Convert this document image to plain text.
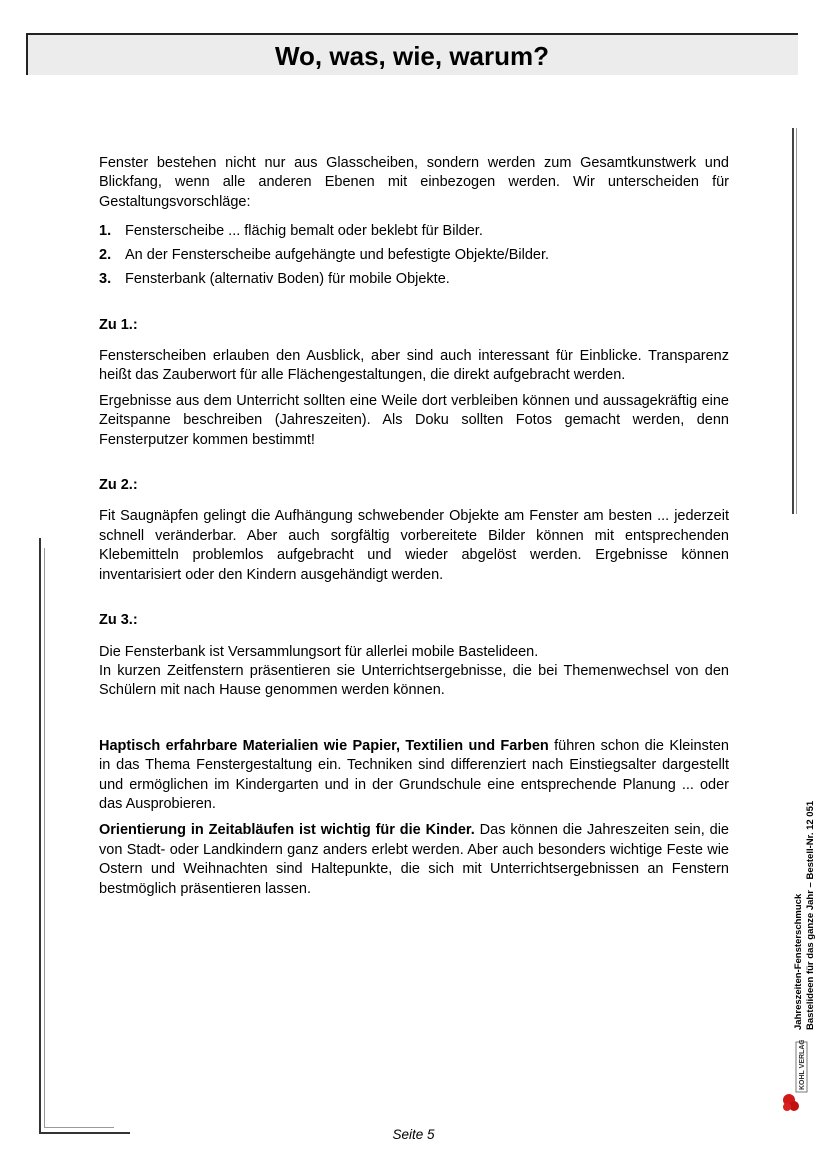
Wo, was, wie, warum?

Fenster bestehen nicht nur aus Glasscheiben, sondern werden zum Gesamtkunstwerk und Blickfang, wenn alle anderen Ebenen mit einbezogen werden. Wir unterscheiden für Gestaltungsvorschläge:

1. Fensterscheibe ... flächig bemalt oder beklebt für Bilder.
2. An der Fensterscheibe aufgehängte und befestigte Objekte/Bilder.
3. Fensterbank (alternativ Boden) für mobile Objekte.

Zu 1.:

Fensterscheiben erlauben den Ausblick, aber sind auch interessant für Einblicke. Transparenz heißt das Zauberwort für alle Flächengestaltungen, die direkt aufgebracht werden.

Ergebnisse aus dem Unterricht sollten eine Weile dort verbleiben können und aussagekräftig eine Zeitspanne beschreiben (Jahreszeiten). Als Doku sollten Fotos gemacht werden, denn Fensterputzer kommen bestimmt!

Zu 2.:

Fit Saugnäpfen gelingt die Aufhängung schwebender Objekte am Fenster am besten ... jederzeit schnell veränderbar. Aber auch sorgfältig vorbereitete Bilder können mit entsprechenden Klebemitteln problemlos aufgebracht und wieder abgelöst werden. Ergebnisse können inventarisiert oder den Kindern ausgehändigt werden.

Zu 3.:

Die Fensterbank ist Versammlungsort für allerlei mobile Bastelideen.

In kurzen Zeitfenstern präsentieren sie Unterrichtsergebnisse, die bei Themenwechsel von den Schülern mit nach Hause genommen werden können.

Haptisch erfahrbare Materialien wie Papier, Textilien und Farben führen schon die Kleinsten in das Thema Fenstergestaltung ein. Techniken sind differenziert nach Einstiegsalter dargestellt und ermöglichen im Kindergarten und in der Grundschule eine entsprechende Planung ... oder das Ausprobieren.

Orientierung in Zeitabläufen ist wichtig für die Kinder. Das können die Jahreszeiten sein, die von Stadt- oder Landkindern ganz anders erlebt werden. Aber auch besonders wichtige Feste wie Ostern und Weihnachten sind Haltepunkte, die sich mit Unterrichtsergebnissen an Fenstern bestmöglich präsentieren lassen.

Jahreszeiten-Fensterschmuck Bastelideen für das ganze Jahr – Bestell-Nr. 12 051
KOHL VERLAG
Seite 5
